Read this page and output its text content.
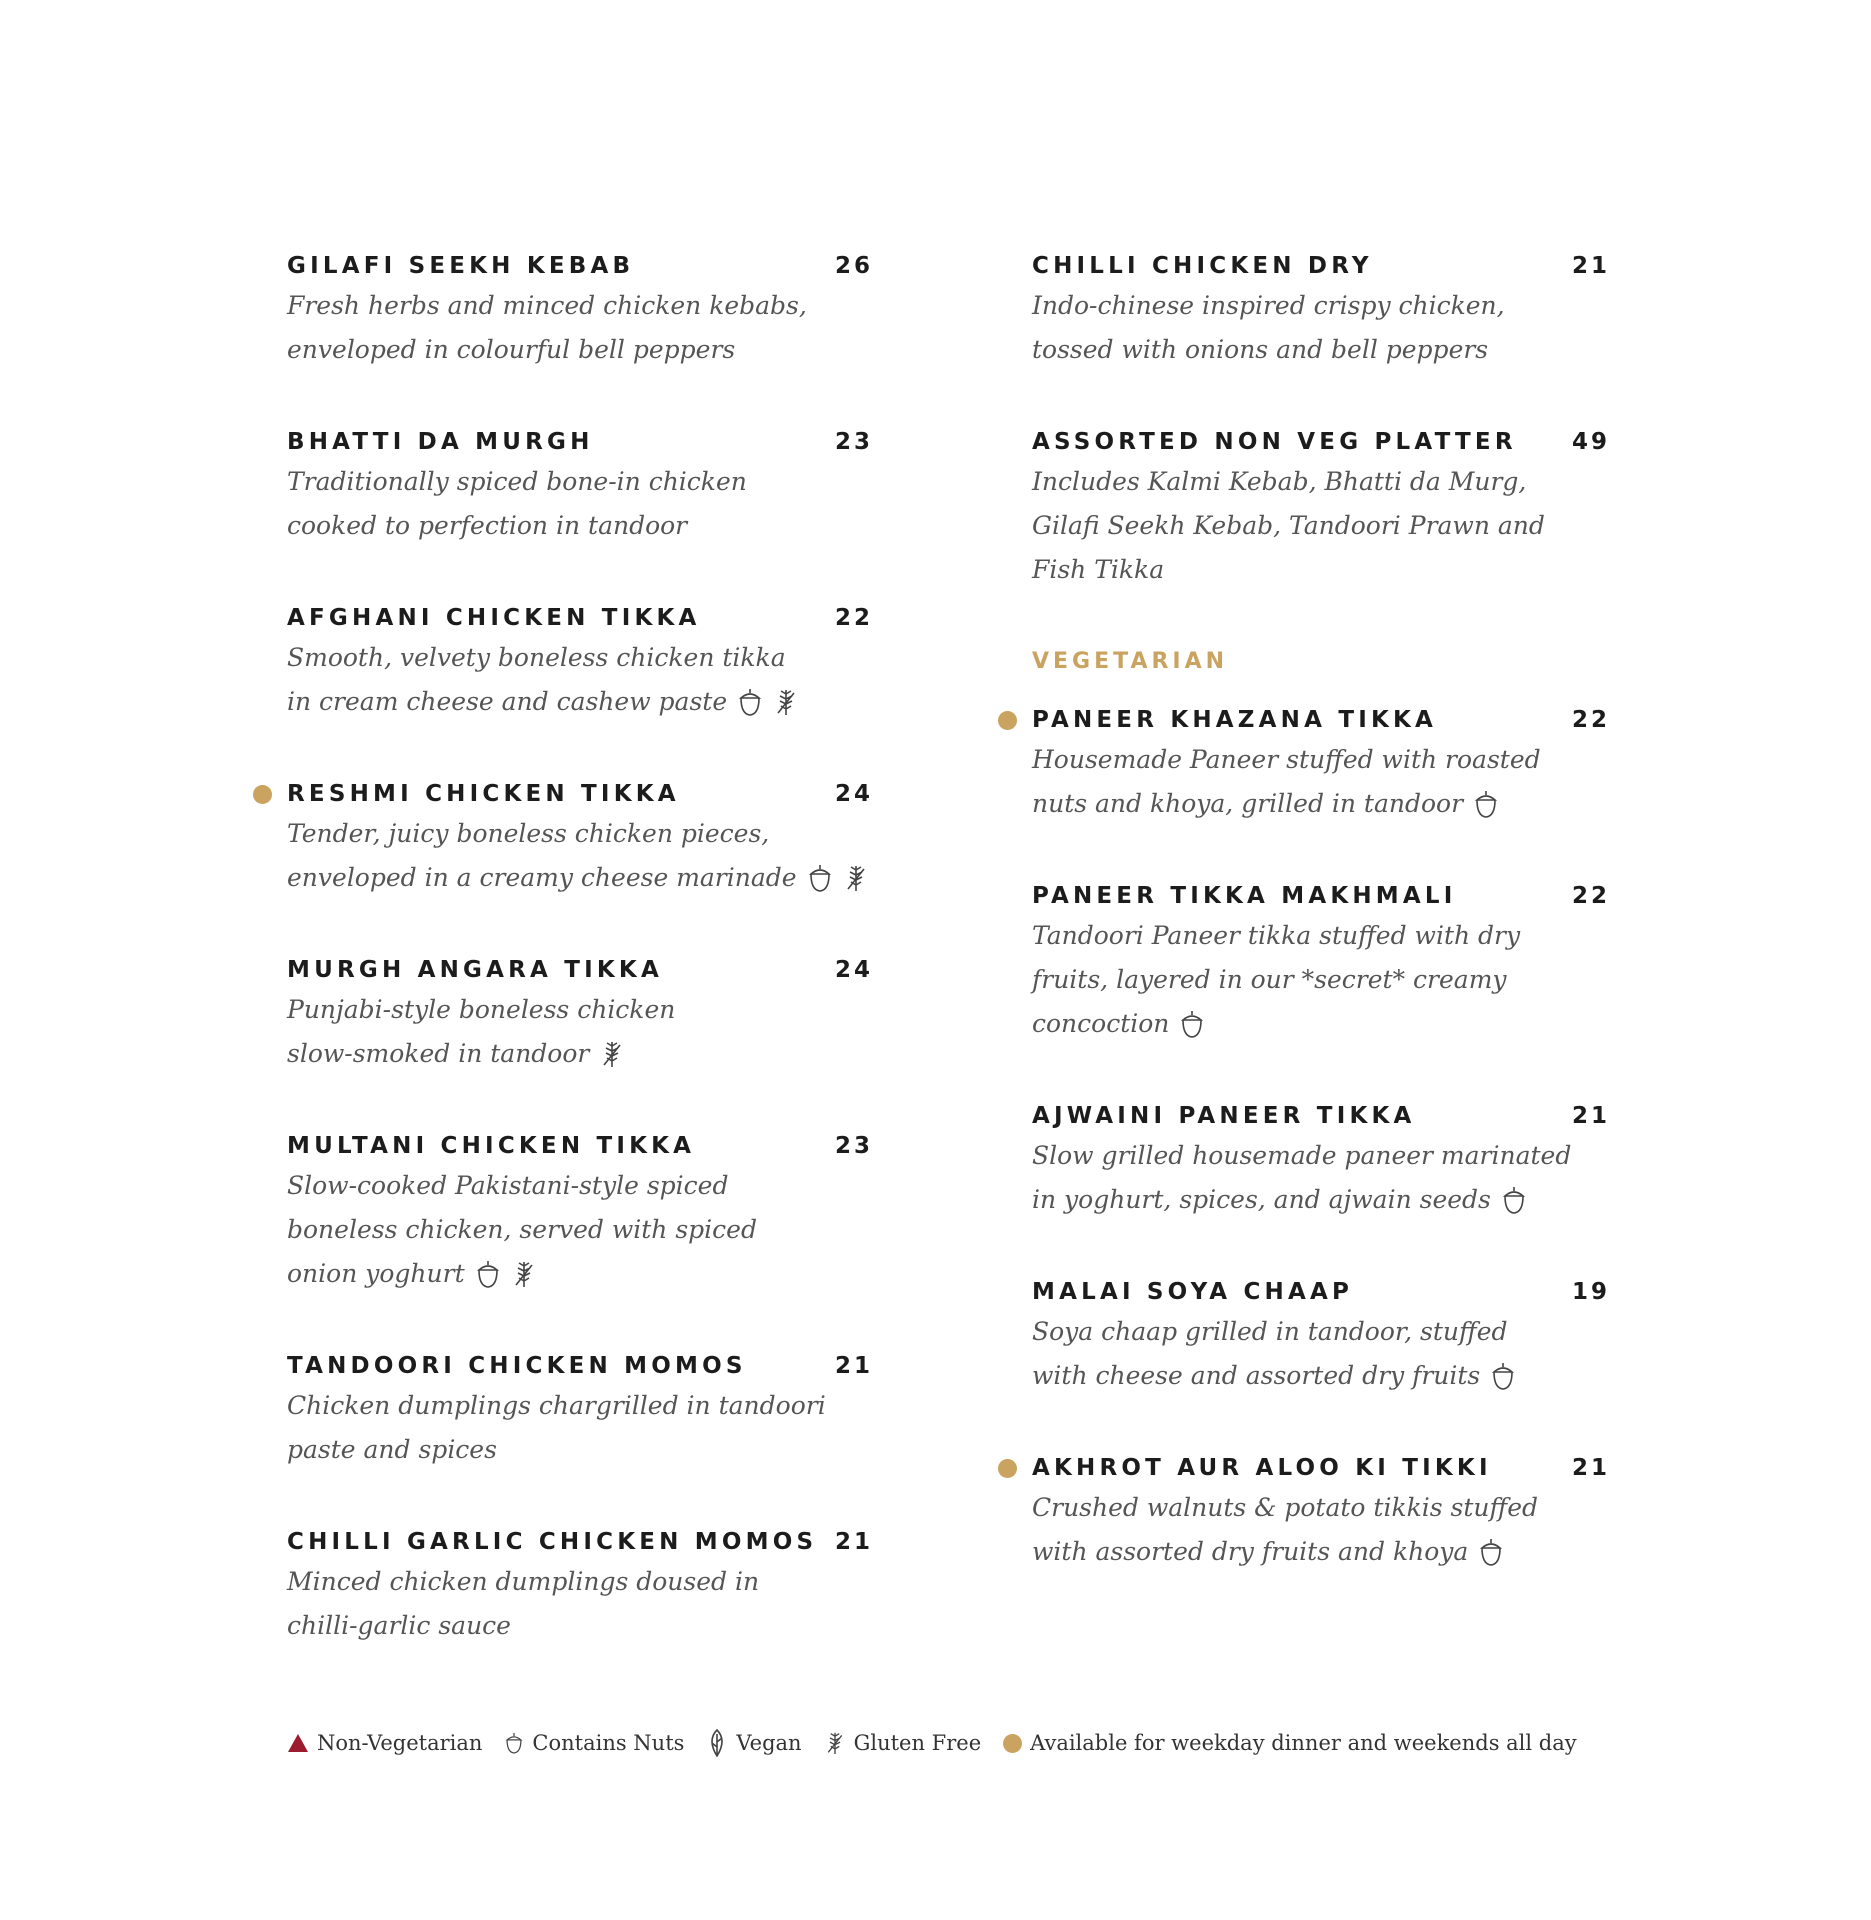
GILAFI SEEKH KEBAB	26
Fresh herbs and minced chicken kebabs,
enveloped in colourful bell peppers
BHATTI DA MURGH	23
Traditionally spiced bone-in chicken
cooked to perfection in tandoor
AFGHANI CHICKEN TIKKA	22
Smooth, velvety boneless chicken tikka
in cream cheese and cashew paste
RESHMI CHICKEN TIKKA	24
Tender, juicy boneless chicken pieces,
enveloped in a creamy cheese marinade
MURGH ANGARA TIKKA	24
Punjabi-style boneless chicken
slow-smoked in tandoor
MULTANI CHICKEN TIKKA	23
Slow-cooked Pakistani-style spiced
boneless chicken, served with spiced
onion yoghurt
TANDOORI CHICKEN MOMOS	21
Chicken dumplings chargrilled in tandoori
paste and spices
CHILLI GARLIC CHICKEN MOMOS 21
Minced chicken dumplings doused in
chilli-garlic sauce
CHILLI CHICKEN DRY	21
Indo-chinese inspired crispy chicken,
tossed with onions and bell peppers
ASSORTED NON VEG PLATTER	49
Includes Kalmi Kebab, Bhatti da Murg,
Gilafi Seekh Kebab, Tandoori Prawn and
Fish Tikka
VEGETARIAN
PANEER KHAZANA TIKKA	22
Housemade Paneer stuffed with roasted
nuts and khoya, grilled in tandoor
PANEER TIKKA MAKHMALI	22
Tandoori Paneer tikka stuffed with dry
fruits, layered in our *secret* creamy
concoction
AJWAINI PANEER TIKKA	21
Slow grilled housemade paneer marinated
in yoghurt, spices, and ajwain seeds
MALAI SOYA CHAAP	19
Soya chaap grilled in tandoor, stuffed
with cheese and assorted dry fruits
AKHROT AUR ALOO KI TIKKI	21
Crushed walnuts & potato tikkis stuffed
with assorted dry fruits and khoya
Non-Vegetarian Contains Nuts Vegan Gluten Free Available for weekday dinner and weekends all day
